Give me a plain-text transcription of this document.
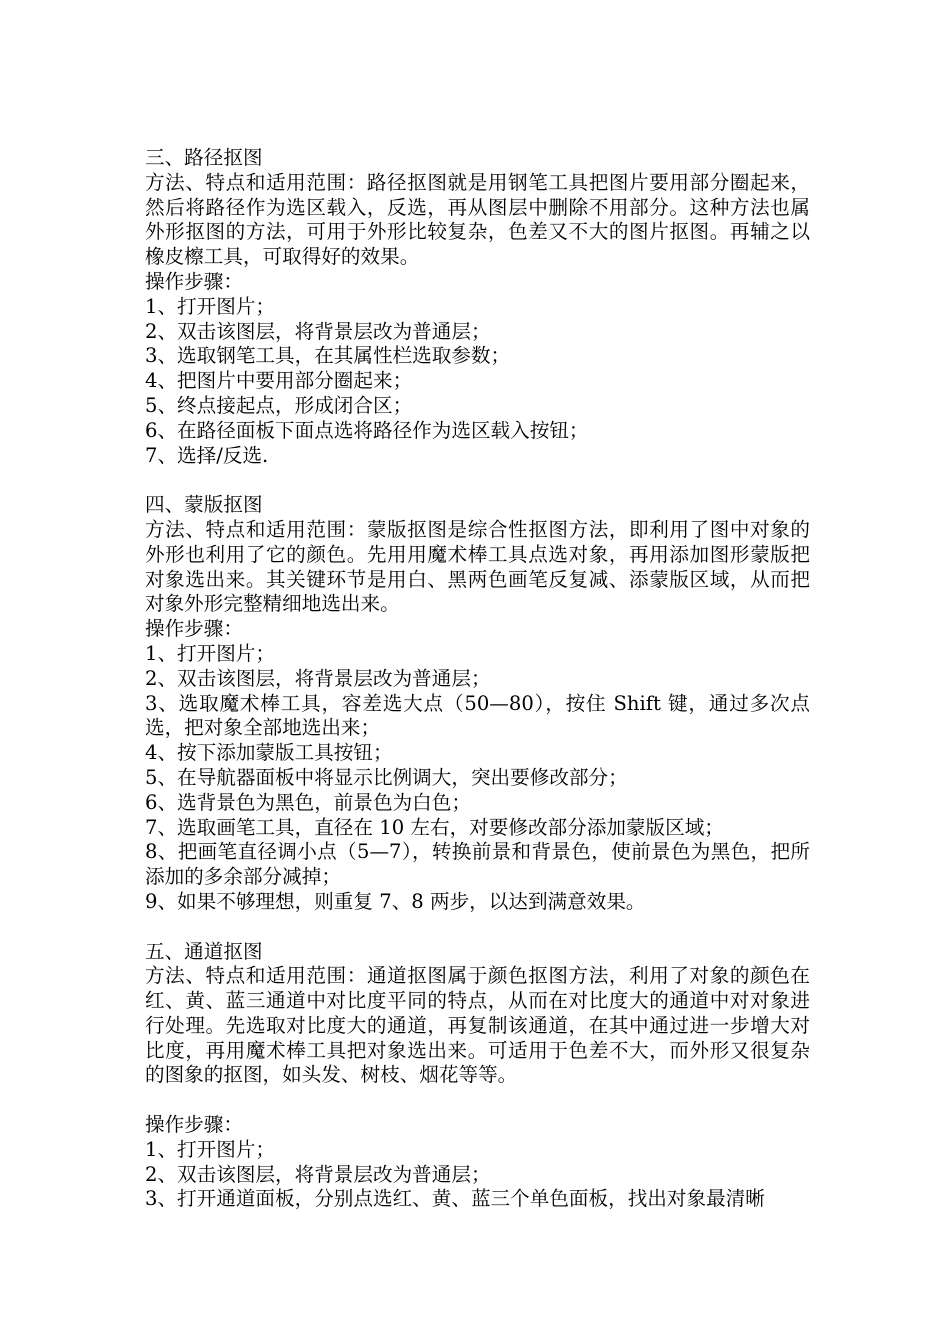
三、路径抠图

方法、特点和适用范围：路径抠图就是用钢笔工具把图片要用部分圈起来，然后将路径作为选区载入，反选，再从图层中删除不用部分。这种方法也属外形抠图的方法，可用于外形比较复杂，色差又不大的图片抠图。再辅之以橡皮檫工具，可取得好的效果。

操作步骤：

1、打开图片；

2、双击该图层，将背景层改为普通层；

3、选取钢笔工具，在其属性栏选取参数；

4、把图片中要用部分圈起来；

5、终点接起点，形成闭合区；

6、在路径面板下面点选将路径作为选区载入按钮；

7、选择/反选.

四、蒙版抠图

方法、特点和适用范围：蒙版抠图是综合性抠图方法，即利用了图中对象的外形也利用了它的颜色。先用用魔术棒工具点选对象，再用添加图形蒙版把对象选出来。其关键环节是用白、黑两色画笔反复减、添蒙版区域，从而把对象外形完整精细地选出来。

操作步骤：

1、打开图片；

2、双击该图层，将背景层改为普通层；

3、选取魔术棒工具，容差选大点（50—80），按住 Shift 键，通过多次点选，把对象全部地选出来；

4、按下添加蒙版工具按钮；

5、在导航器面板中将显示比例调大，突出要修改部分；

6、选背景色为黑色，前景色为白色；

7、选取画笔工具，直径在 10 左右，对要修改部分添加蒙版区域；

8、把画笔直径调小点（5—7），转换前景和背景色，使前景色为黑色，把所添加的多余部分减掉；

9、如果不够理想，则重复 7、8 两步，以达到满意效果。

五、通道抠图

方法、特点和适用范围：通道抠图属于颜色抠图方法，利用了对象的颜色在红、黄、蓝三通道中对比度平同的特点，从而在对比度大的通道中对对象进行处理。先选取对比度大的通道，再复制该通道，在其中通过进一步增大对比度，再用魔术棒工具把对象选出来。可适用于色差不大，而外形又很复杂的图象的抠图，如头发、树枝、烟花等等。

操作步骤：

1、打开图片；

2、双击该图层，将背景层改为普通层；

3、打开通道面板，分别点选红、黄、蓝三个单色面板，找出对象最清晰
